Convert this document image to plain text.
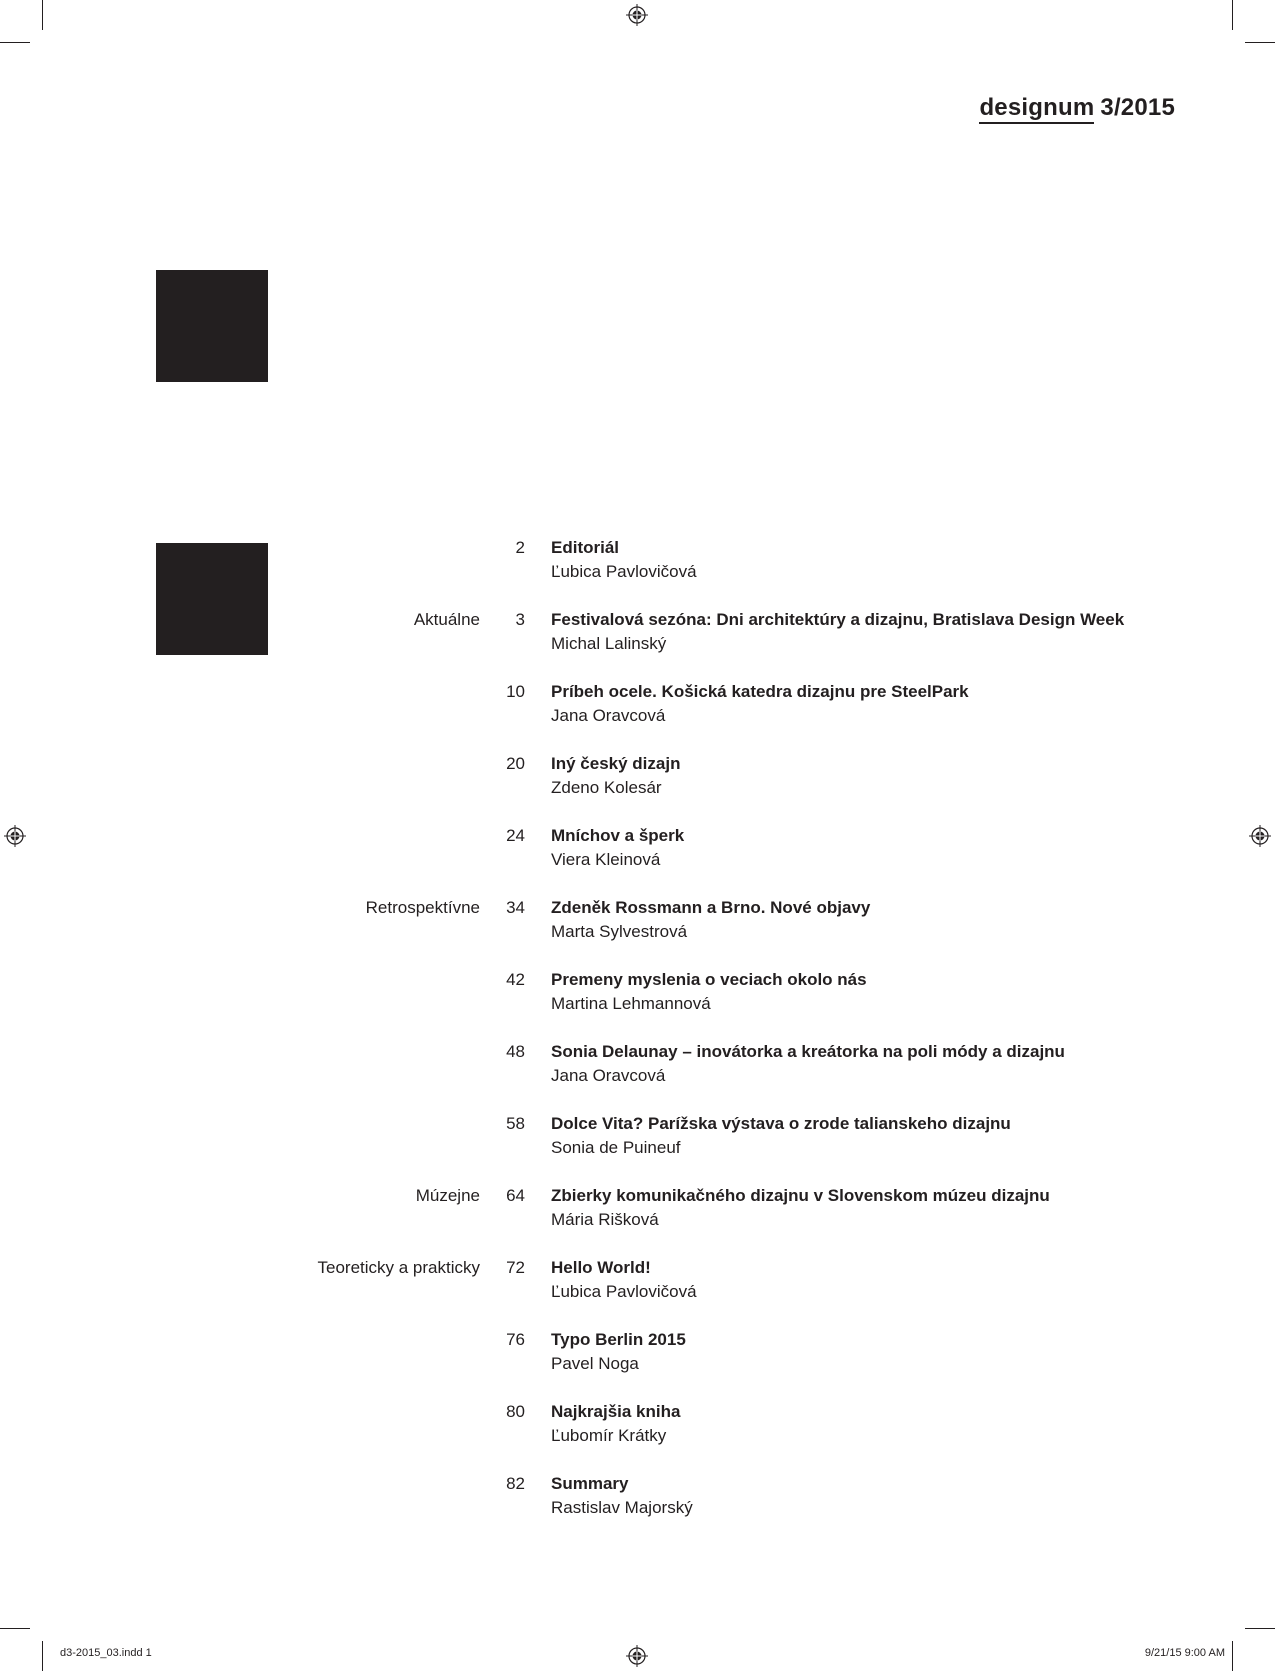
designum 3/2015
2 Editoriál
Ľubica Pavlovičová
Aktuálne 3 Festivalová sezóna: Dni architektúry a dizajnu, Bratislava Design Week
Michal Lalinský
10 Príbeh ocele. Košická katedra dizajnu pre SteelPark
Jana Oravcová
20 Iný český dizajn
Zdeno Kolesár
24 Mníchov a šperk
Viera Kleinová
Retrospektívne 34 Zdeněk Rossmann a Brno. Nové objavy
Marta Sylvestrová
42 Premeny myslenia o veciach okolo nás
Martina Lehmannová
48 Sonia Delaunay – inovátorka a kreátorka na poli módy a dizajnu
Jana Oravcová
58 Dolce Vita? Parížska výstava o zrode talianskeho dizajnu
Sonia de Puineuf
Múzejne 64 Zbierky komunikačného dizajnu v Slovenskom múzeu dizajnu
Mária Rišková
Teoreticky a prakticky 72 Hello World!
Ľubica Pavlovičová
76 Typo Berlin 2015
Pavel Noga
80 Najkrajšia kniha
Ľubomír Krátky
82 Summary
Rastislav Majorský
d3-2015_03.indd 1	9/21/15 9:00 AM
